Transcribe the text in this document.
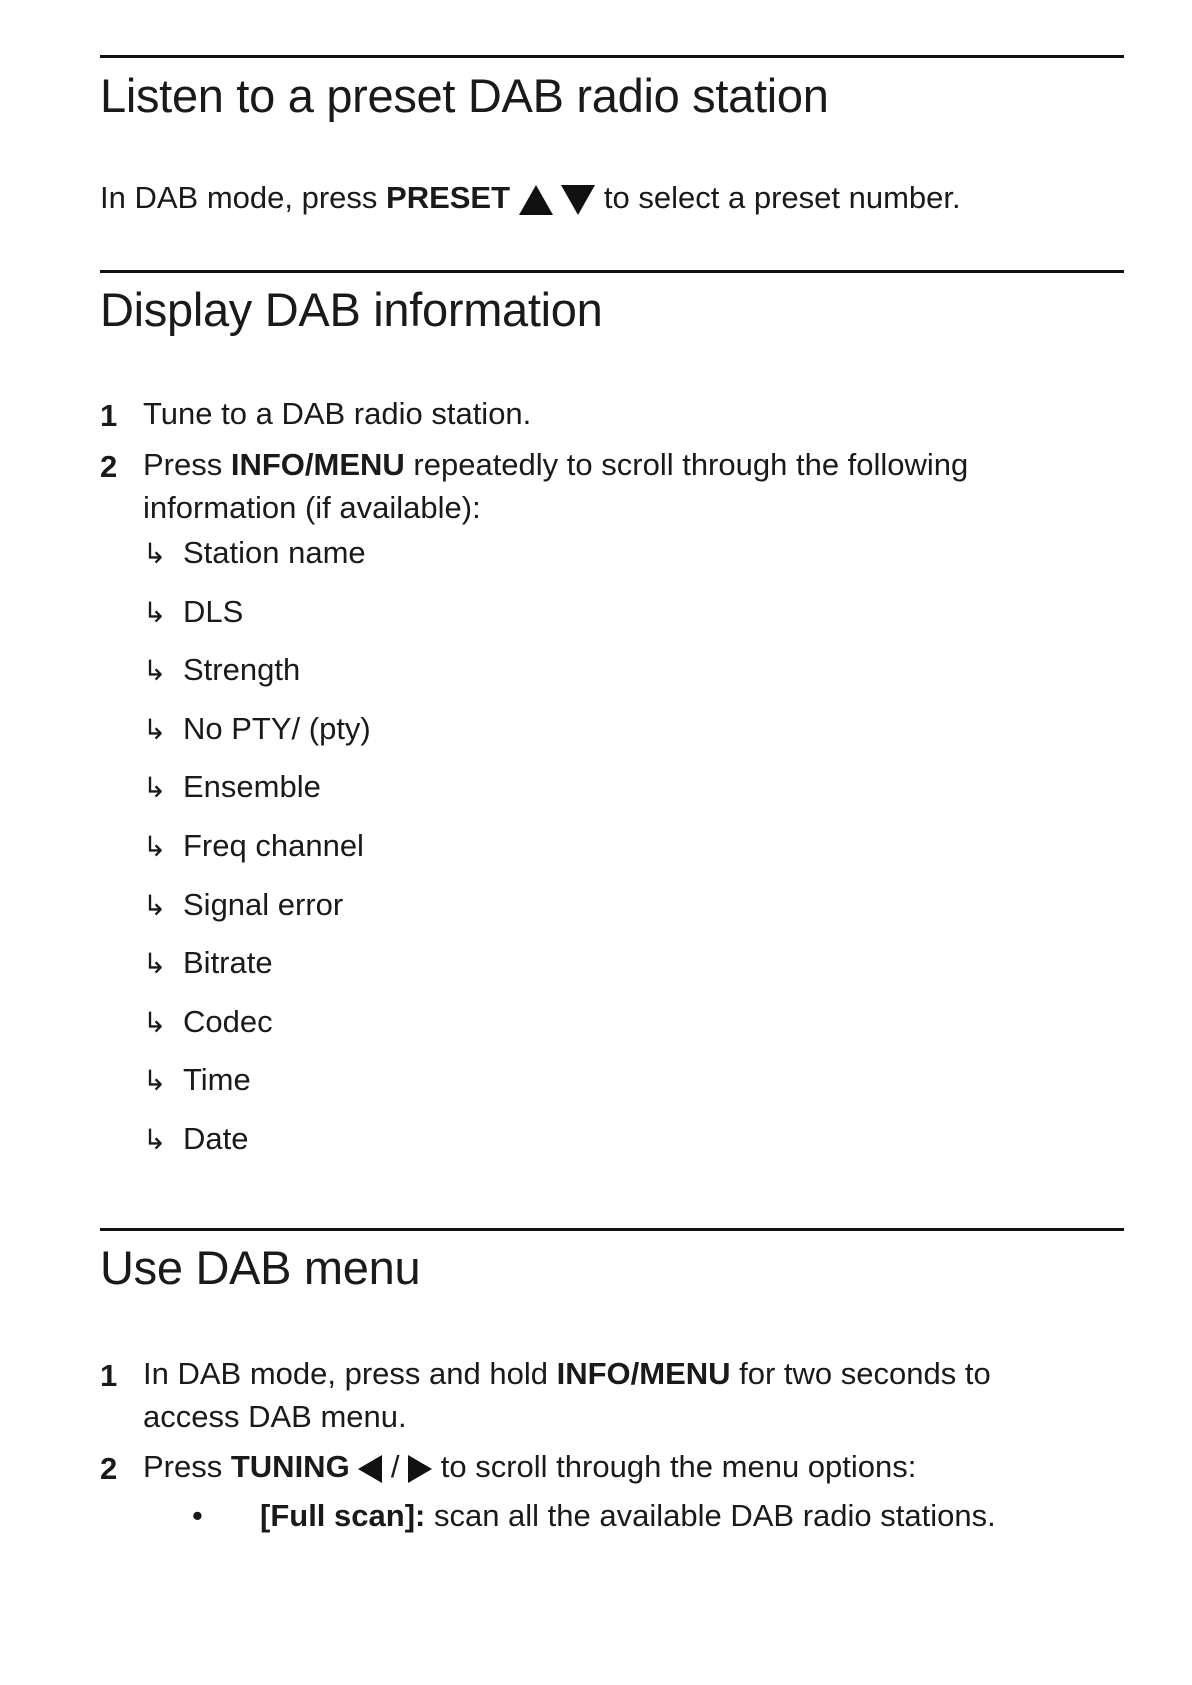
Listen to a preset DAB radio station

In DAB mode, press PRESET	to select a preset number.

Display DAB information
1 Tune to a DAB radio station.
2 Press INFO/MENU repeatedly to scroll through the following
information (if available):
↳ Station name
↳ DLS
↳ Strength
↳ No PTY/ (pty)
↳ Ensemble
↳ Freq channel
↳ Signal error
↳ Bitrate
↳ Codec
↳ Time
↳ Date
Use DAB menu
1 In DAB mode, press and hold INFO/MENU for two seconds to
access DAB menu.
2 Press TUNING  /  to scroll through the menu options:
• [Full scan]: scan all the available DAB radio stations.
